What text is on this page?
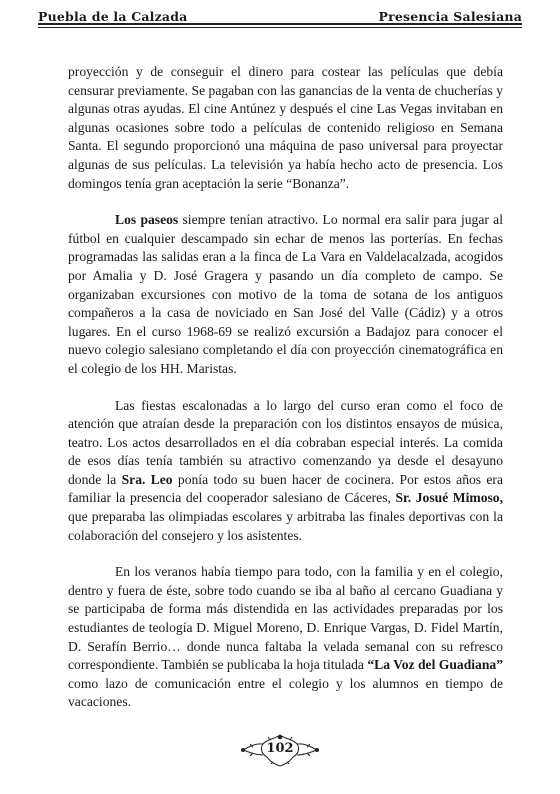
Puebla de la Calzada	Presencia Salesiana

proyección y de conseguir el dinero para costear las películas que debía censurar previamente. Se pagaban con las ganancias de la venta de chucherías y algunas otras ayudas. El cine Antúnez y después el cine Las Vegas invitaban en algunas ocasiones sobre todo a películas de contenido religioso en Semana Santa. El segundo proporcionó una máquina de paso universal para proyectar algunas de sus películas. La televisión ya había hecho acto de presencia. Los domingos tenía gran aceptación la serie “Bonanza”.

Los paseos siempre tenían atractivo. Lo normal era salir para jugar al fútbol en cualquier descampado sin echar de menos las porterías. En fechas programadas las salidas eran a la finca de La Vara en Valdelacalzada, acogidos por Amalia y D. José Gragera y pasando un día completo de campo. Se organizaban excursiones con motivo de la toma de sotana de los antiguos compañeros a la casa de noviciado en San José del Valle (Cádiz) y a otros lugares. En el curso 1968-69 se realizó excursión a Badajoz para conocer el nuevo colegio salesiano completando el día con proyección cinematográfica en el colegio de los HH. Maristas.

Las fiestas escalonadas a lo largo del curso eran como el foco de atención que atraían desde la preparación con los distintos ensayos de música, teatro. Los actos desarrollados en el día cobraban especial interés. La comida de esos días tenía también su atractivo comenzando ya desde el desayuno donde la Sra. Leo ponía todo su buen hacer de cocinera. Por estos años era familiar la presencia del cooperador salesiano de Cáceres, Sr. Josué Mimoso, que preparaba las olimpiadas escolares y arbitraba las finales deportivas con la colaboración del consejero y los asistentes.

En los veranos había tiempo para todo, con la familia y en el colegio, dentro y fuera de éste, sobre todo cuando se iba al baño al cercano Guadiana y se participaba de forma más distendida en las actividades preparadas por los estudiantes de teología D. Miguel Moreno, D. Enrique Vargas, D. Fidel Martín, D. Serafín Berrio… donde nunca faltaba la velada semanal con su refresco correspondiente. También se publicaba la hoja titulada “La Voz del Guadiana” como lazo de comunicación entre el colegio y los alumnos en tiempo de vacaciones.

102
